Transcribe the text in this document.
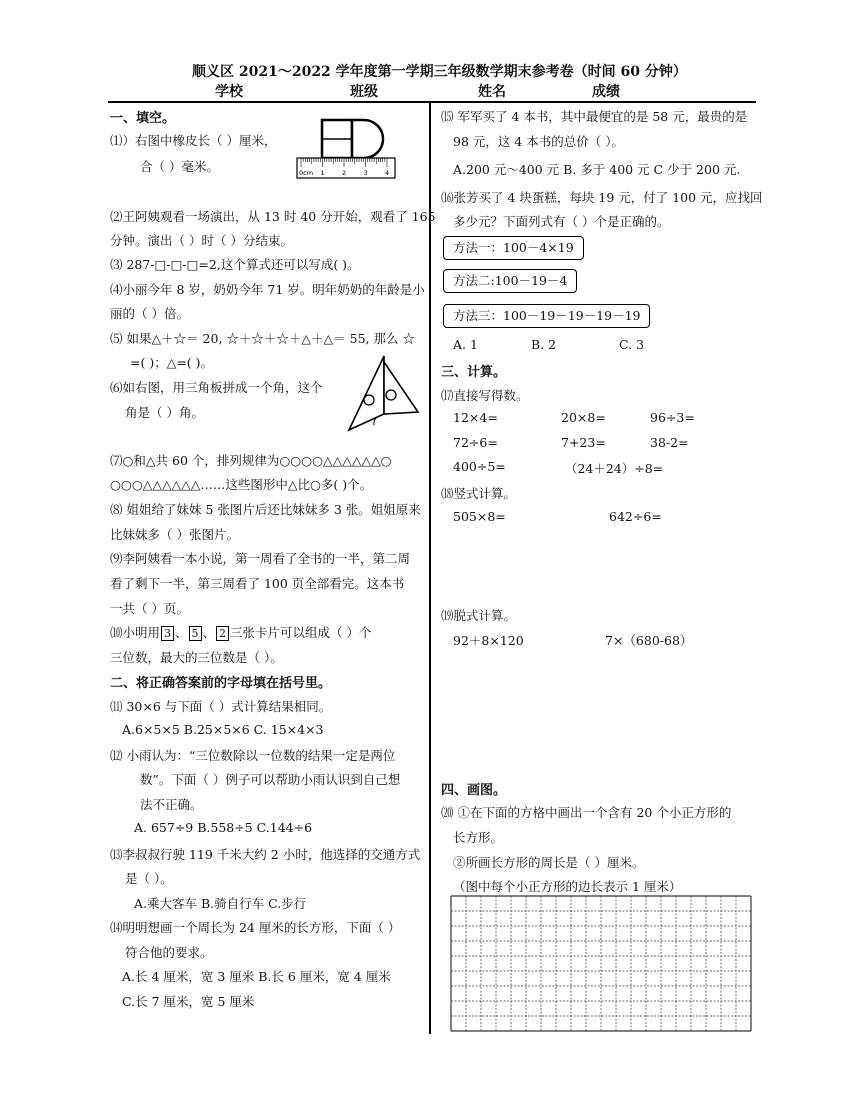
顺义区 2021～2022 学年度第一学期三年级数学期末参考卷（时间 60 分钟）
学校	班级	姓名	成绩
一、填空。
⑴）右图中橡皮长（ ）厘米，
合（ ）毫米。	0cm 1	2	3	4
⑵王阿姨观看一场演出，从 13 时 40 分开始，观看了 165
分钟。演出（ ）时（ ）分结束。
⑶ 287-□-□-□=2,这个算式还可以写成( )。
⑷小丽今年 8 岁，奶奶今年 71 岁。明年奶奶的年龄是小
丽的（ ）倍。
⑸ 如果△＋☆＝ 20, ☆＋☆＋☆＋△＋△＝ 55, 那么 ☆
=( )；△=( )。
⑹如右图，用三角板拼成一个角，这个
角是（ ）角。
⑺○和△共 60 个，排列规律为○○○○△△△△△△○
○○○△△△△△△……这些图形中△比○多( )个。
⑻ 姐姐给了妹妹 5 张图片后还比妹妹多 3 张。姐姐原来
比妹妹多（ ）张图片。
⑼李阿姨看一本小说，第一周看了全书的一半，第二周
看了剩下一半，第三周看了 100 页全部看完。这本书
一共（ ）页。
⑽小明用 3 、 5 、 2 三张卡片可以组成（ ）个
三位数，最大的三位数是（ ）。
二、将正确答案前的字母填在括号里。
⑾ 30×6 与下面（ ）式计算结果相同。
A.6×5×5 B.25×5×6 C. 15×4×3
⑿ 小雨认为：“三位数除以一位数的结果一定是两位
数”。下面（ ）例子可以帮助小雨认识到自己想
法不正确。
A. 657÷9 B.558÷5 C.144÷6
⒀李叔叔行驶 119 千米大约 2 小时，他选择的交通方式
是（ ）。
A.乘大客车 B.骑自行车 C.步行
⒁明明想画一个周长为 24 厘米的长方形，下面（ ）
符合他的要求。
A.长 4 厘米，宽 3 厘米 B.长 6 厘米，宽 4 厘米
C.长 7 厘米，宽 5 厘米
⒂ 军军买了 4 本书，其中最便宜的是 58 元，最贵的是
98 元，这 4 本书的总价（ ）。
A.200 元〜400 元 B. 多于 400 元 C 少于 200 元.
⒃张芳买了 4 块蛋糕，每块 19 元，付了 100 元，应找回
多少元？下面列式有（ ）个是正确的。
方法一：100－4×19
方法二:100－19－4
方法三：100－19－19－19－19
A. 1	B. 2	C. 3
三、计算。
⒄直接写得数。
12×4=	20×8=	96÷3=
72÷6=	7+23=	38-2=
400÷5=	（24＋24）÷8=
⒅竖式计算。
505×8=	642÷6=
⒆脱式计算。
92＋8×120	7×（680-68）
四、画图。
⒇ ①在下面的方格中画出一个含有 20 个小正方形的
长方形。
②所画长方形的周长是（ ）厘米。
（图中每个小正方形的边长表示 1 厘米）
